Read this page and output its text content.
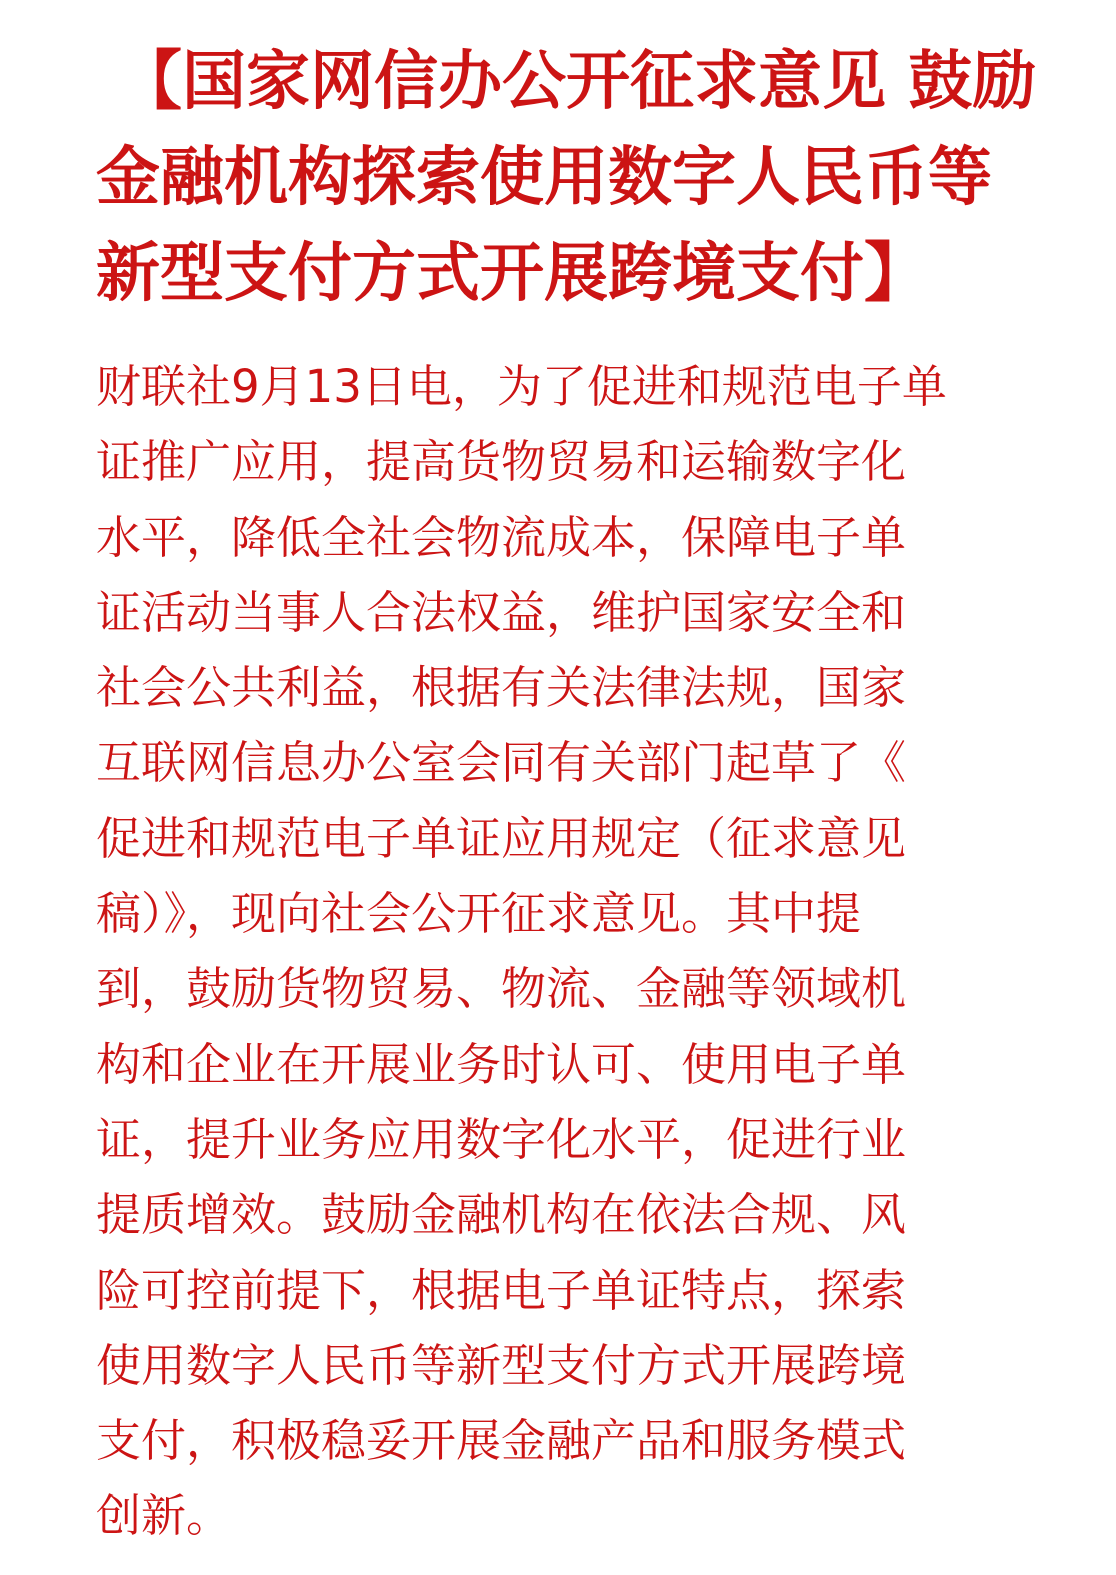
【国家网信办公开征求意见 鼓励
金融机构探索使用数字人民币等
新型支付方式开展跨境支付】
财联社9月13日电，为了促进和规范电子单
证推广应用，提高货物贸易和运输数字化
水平，降低全社会物流成本，保障电子单
证活动当事人合法权益，维护国家安全和
社会公共利益，根据有关法律法规，国家
互联网信息办公室会同有关部门起草了《
促进和规范电子单证应用规定（征求意见
稿）》，现向社会公开征求意见。其中提
到，鼓励货物贸易、物流、金融等领域机
构和企业在开展业务时认可、使用电子单
证，提升业务应用数字化水平，促进行业
提质增效。鼓励金融机构在依法合规、风
险可控前提下，根据电子单证特点，探索
使用数字人民币等新型支付方式开展跨境
支付，积极稳妥开展金融产品和服务模式
创新。
